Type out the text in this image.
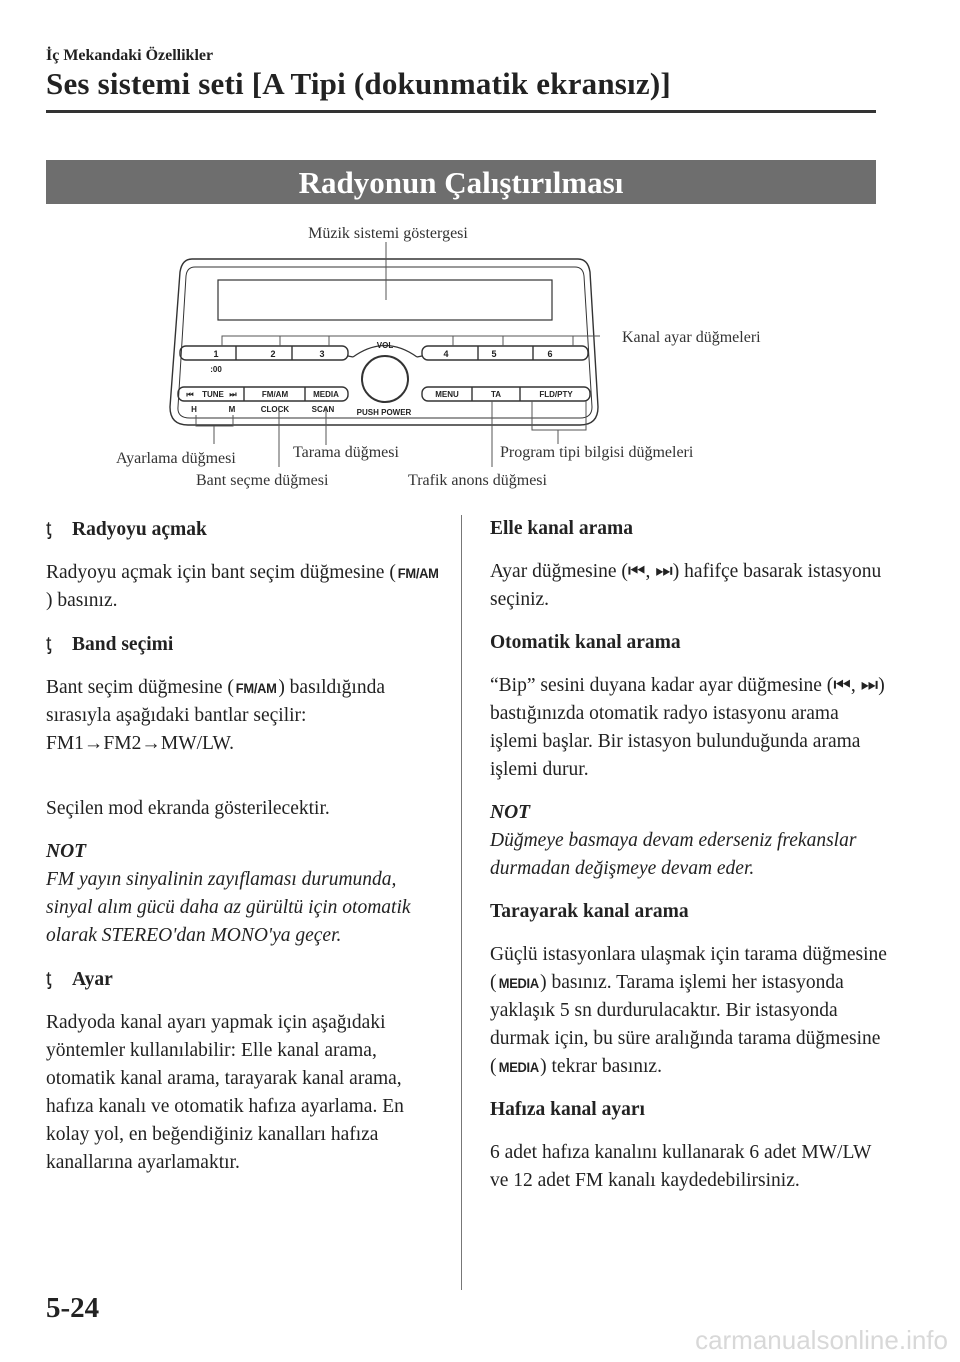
İç Mekandaki Özellikler
Ses sistemi seti [A Tipi (dokunmatik ekransız)]
Radyonun Çalıştırılması
1	2	3	4	5	6
:00
VOL
⏮ TUNE ⏭	FM/AM	MEDIA	MENU	TA	FLD/PTY
H	M	CLOCK	SCAN	PUSH POWER
Müzik sistemi göstergesi
Kanal ayar düğmeleri
Ayarlama düğmesi	Tarama düğmesi	Program tipi bilgisi düğmeleri
Bant seçme düğmesi	Trafik anons düğmesi
ƫ Radyoyu açmak

Radyoyu açmak için bant seçim düğmesine ( FM/AM) basınız.

ƫ Band seçimi

Bant seçim düğmesine ( FM/AM) basıldığında sırasıyla aşağıdaki bantlar seçilir: FM1→FM2→MW/LW.

Seçilen mod ekranda gösterilecektir.

NOT

FM yayın sinyalinin zayıflaması durumunda, sinyal alım gücü daha az gürültü için otomatik olarak STEREO'dan MONO'ya geçer.

ƫ Ayar

Radyoda kanal ayarı yapmak için aşağıdaki yöntemler kullanılabilir: Elle kanal arama, otomatik kanal arama, tarayarak kanal arama, hafıza kanalı ve otomatik hafıza ayarlama. En kolay yol, en beğendiğiniz kanalları hafıza kanallarına ayarlamaktır.

Elle kanal arama

Ayar düğmesine (⏮, ⏭) hafifçe basarak istasyonu seçiniz.

Otomatik kanal arama

“Bip” sesini duyana kadar ayar düğmesine (⏮, ⏭) bastığınızda otomatik radyo istasyonu arama işlemi başlar. Bir istasyon bulunduğunda arama işlemi durur.

NOT

Düğmeye basmaya devam ederseniz frekanslar durmadan değişmeye devam eder.

Tarayarak kanal arama

Güçlü istasyonlara ulaşmak için tarama düğmesine ( MEDIA) basınız. Tarama işlemi her istasyonda yaklaşık 5 sn durdurulacaktır. Bir istasyonda durmak için, bu süre aralığında tarama düğmesine ( MEDIA) tekrar basınız.

Hafıza kanal ayarı

6 adet hafıza kanalını kullanarak 6 adet MW/LW ve 12 adet FM kanalı kaydedebilirsiniz.

5-24
carmanualsonline.info
